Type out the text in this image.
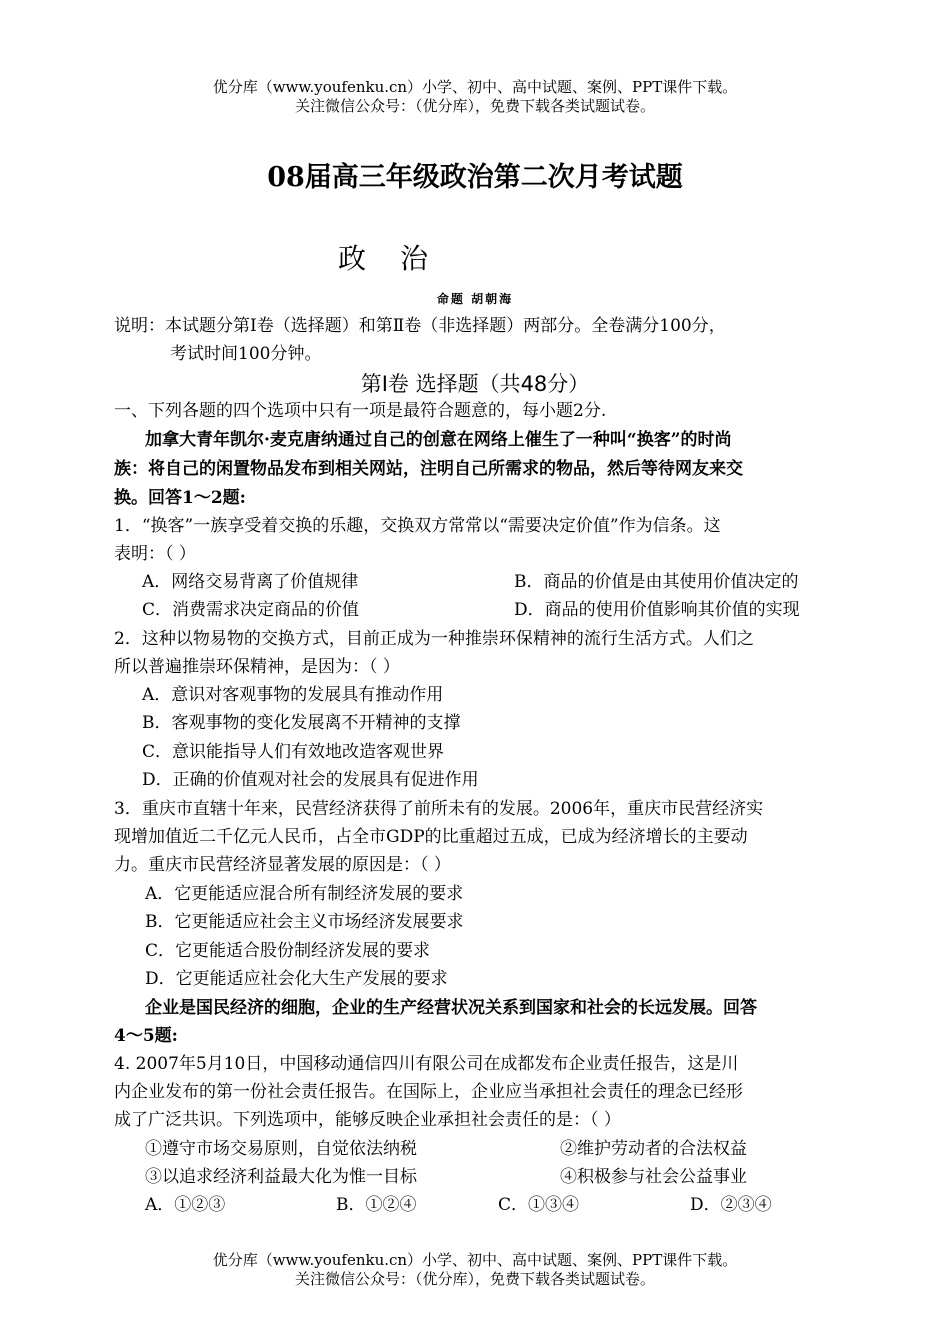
优分库（www.youfenku.cn）小学、初中、高中试题、案例、PPT课件下载。
关注微信公众号：（优分库），免费下载各类试题试卷。
08届高三年级政治第二次月考试题
政治
命题 胡朝海
说明：本试题分第Ⅰ卷（选择题）和第Ⅱ卷（非选择题）两部分。全卷满分100分，
考试时间100分钟。
第Ⅰ卷 选择题（共48分）
一、下列各题的四个选项中只有一项是最符合题意的，每小题2分.
加拿大青年凯尔·麦克唐纳通过自己的创意在网络上催生了一种叫“换客”的时尚
族：将自己的闲置物品发布到相关网站，注明自己所需求的物品，然后等待网友来交
换。回答1～2题:
1．“换客”一族享受着交换的乐趣，交换双方常常以“需要决定价值”作为信条。这
表明：（ ）
A．网络交易背离了价值规律	B．商品的价值是由其使用价值决定的
C．消费需求决定商品的价值	D．商品的使用价值影响其价值的实现
2．这种以物易物的交换方式，目前正成为一种推崇环保精神的流行生活方式。人们之
所以普遍推崇环保精神，是因为：（ ）
A．意识对客观事物的发展具有推动作用
B．客观事物的变化发展离不开精神的支撑
C．意识能指导人们有效地改造客观世界
D．正确的价值观对社会的发展具有促进作用
3．重庆市直辖十年来，民营经济获得了前所未有的发展。2006年，重庆市民营经济实
现增加值近二千亿元人民币，占全市GDP的比重超过五成，已成为经济增长的主要动
力。重庆市民营经济显著发展的原因是：（ ）
A．它更能适应混合所有制经济发展的要求
B．它更能适应社会主义市场经济发展要求
C．它更能适合股份制经济发展的要求
D．它更能适应社会化大生产发展的要求
企业是国民经济的细胞，企业的生产经营状况关系到国家和社会的长远发展。回答
4～5题:
4. 2007年5月10日，中国移动通信四川有限公司在成都发布企业责任报告，这是川
内企业发布的第一份社会责任报告。在国际上，企业应当承担社会责任的理念已经形
成了广泛共识。下列选项中，能够反映企业承担社会责任的是：（ ）
①遵守市场交易原则，自觉依法纳税	②维护劳动者的合法权益
③以追求经济利益最大化为惟一目标	④积极参与社会公益事业
A．①②③	B．①②④	C．①③④	D．②③④
优分库（www.youfenku.cn）小学、初中、高中试题、案例、PPT课件下载。
关注微信公众号：（优分库），免费下载各类试题试卷。
